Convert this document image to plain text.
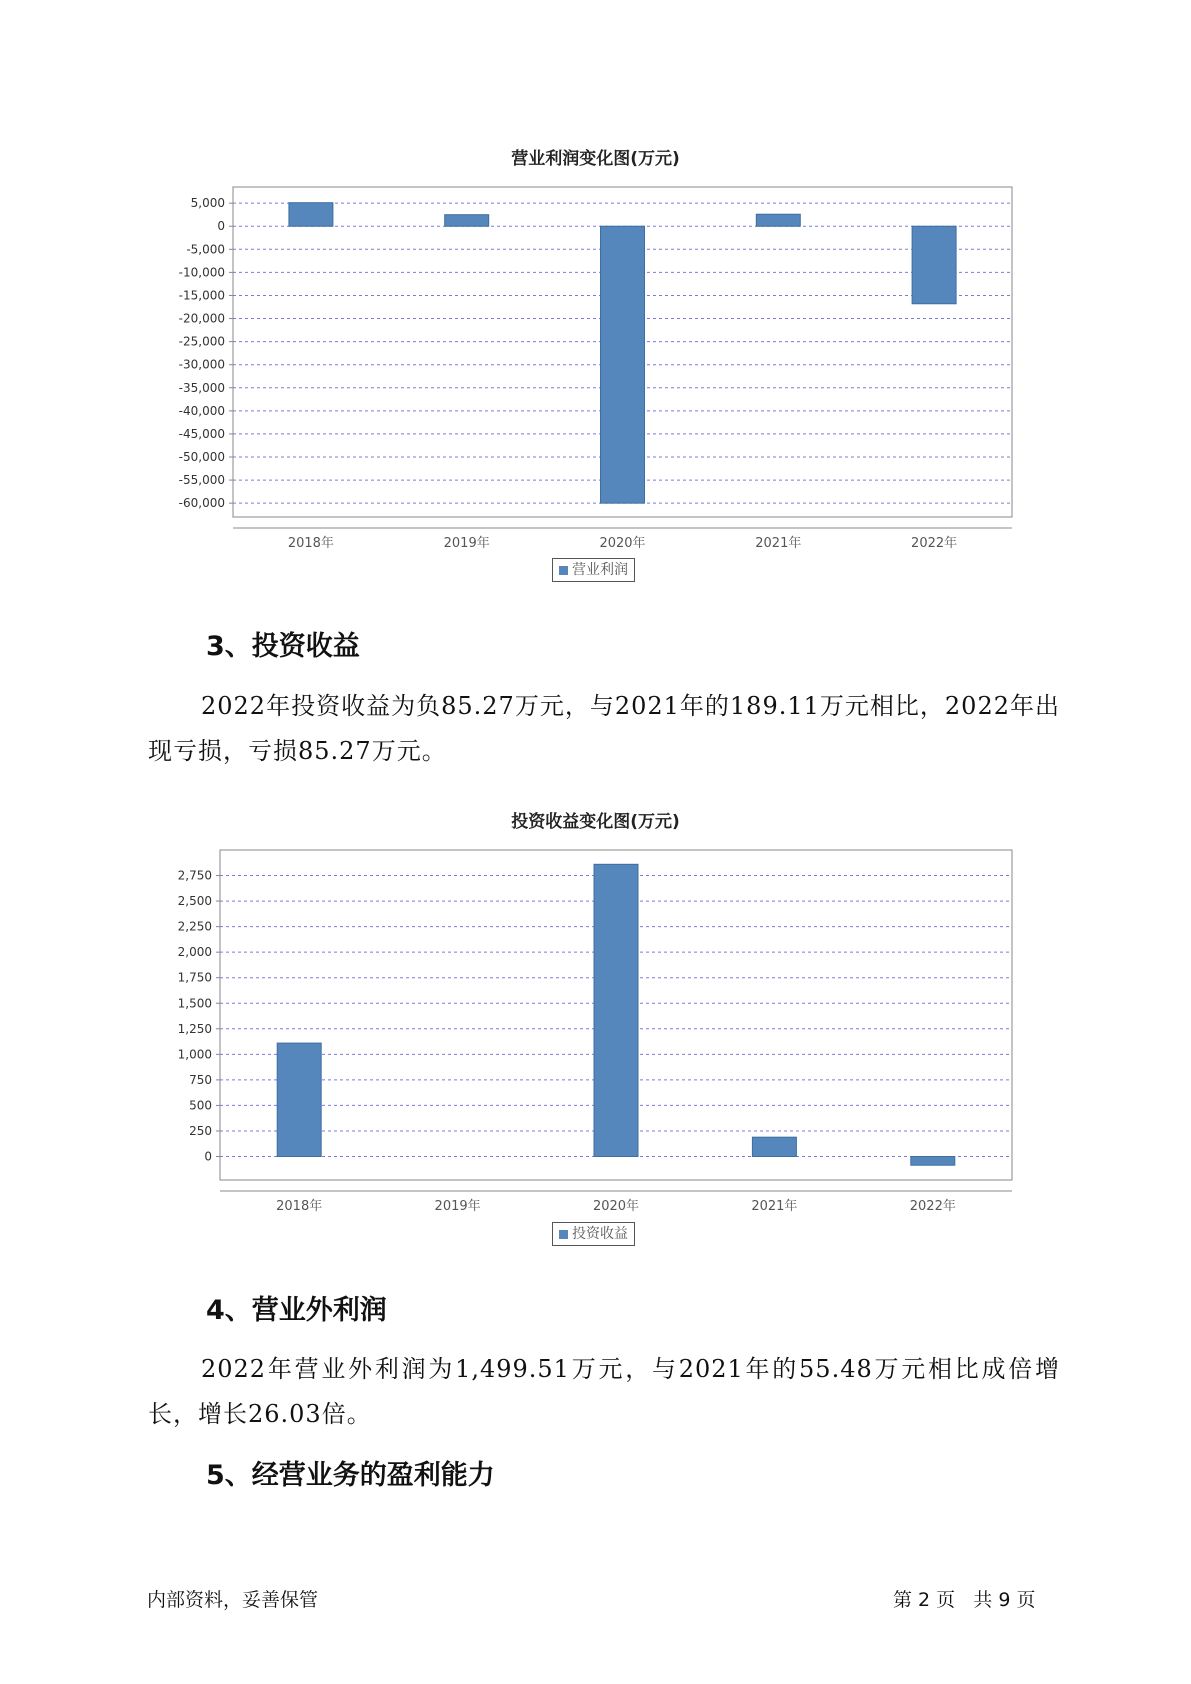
营业利润变化图(万元)
5,000
0
-5,000
-10,000
-15,000
-20,000
-25,000
-30,000
-35,000
-40,000
-45,000
-50,000
-55,000
-60,000
2018年	2019年	2020年	2021年	2022年
营业利润
3、投资收益
2022年投资收益为负85.27万元，与2021年的189.11万元相比，2022年出现亏损，亏损85.27万元。
投资收益变化图(万元)
2,750
2,500
2,250
2,000
1,750
1,500
1,250
1,000
750
500
250
0
2018年	2019年	2020年	2021年	2022年
投资收益
4、营业外利润
2022年营业外利润为1,499.51万元，与2021年的55.48万元相比成倍增长，增长26.03倍。
5、经营业务的盈利能力
内部资料，妥善保管	第 2 页   共 9 页
